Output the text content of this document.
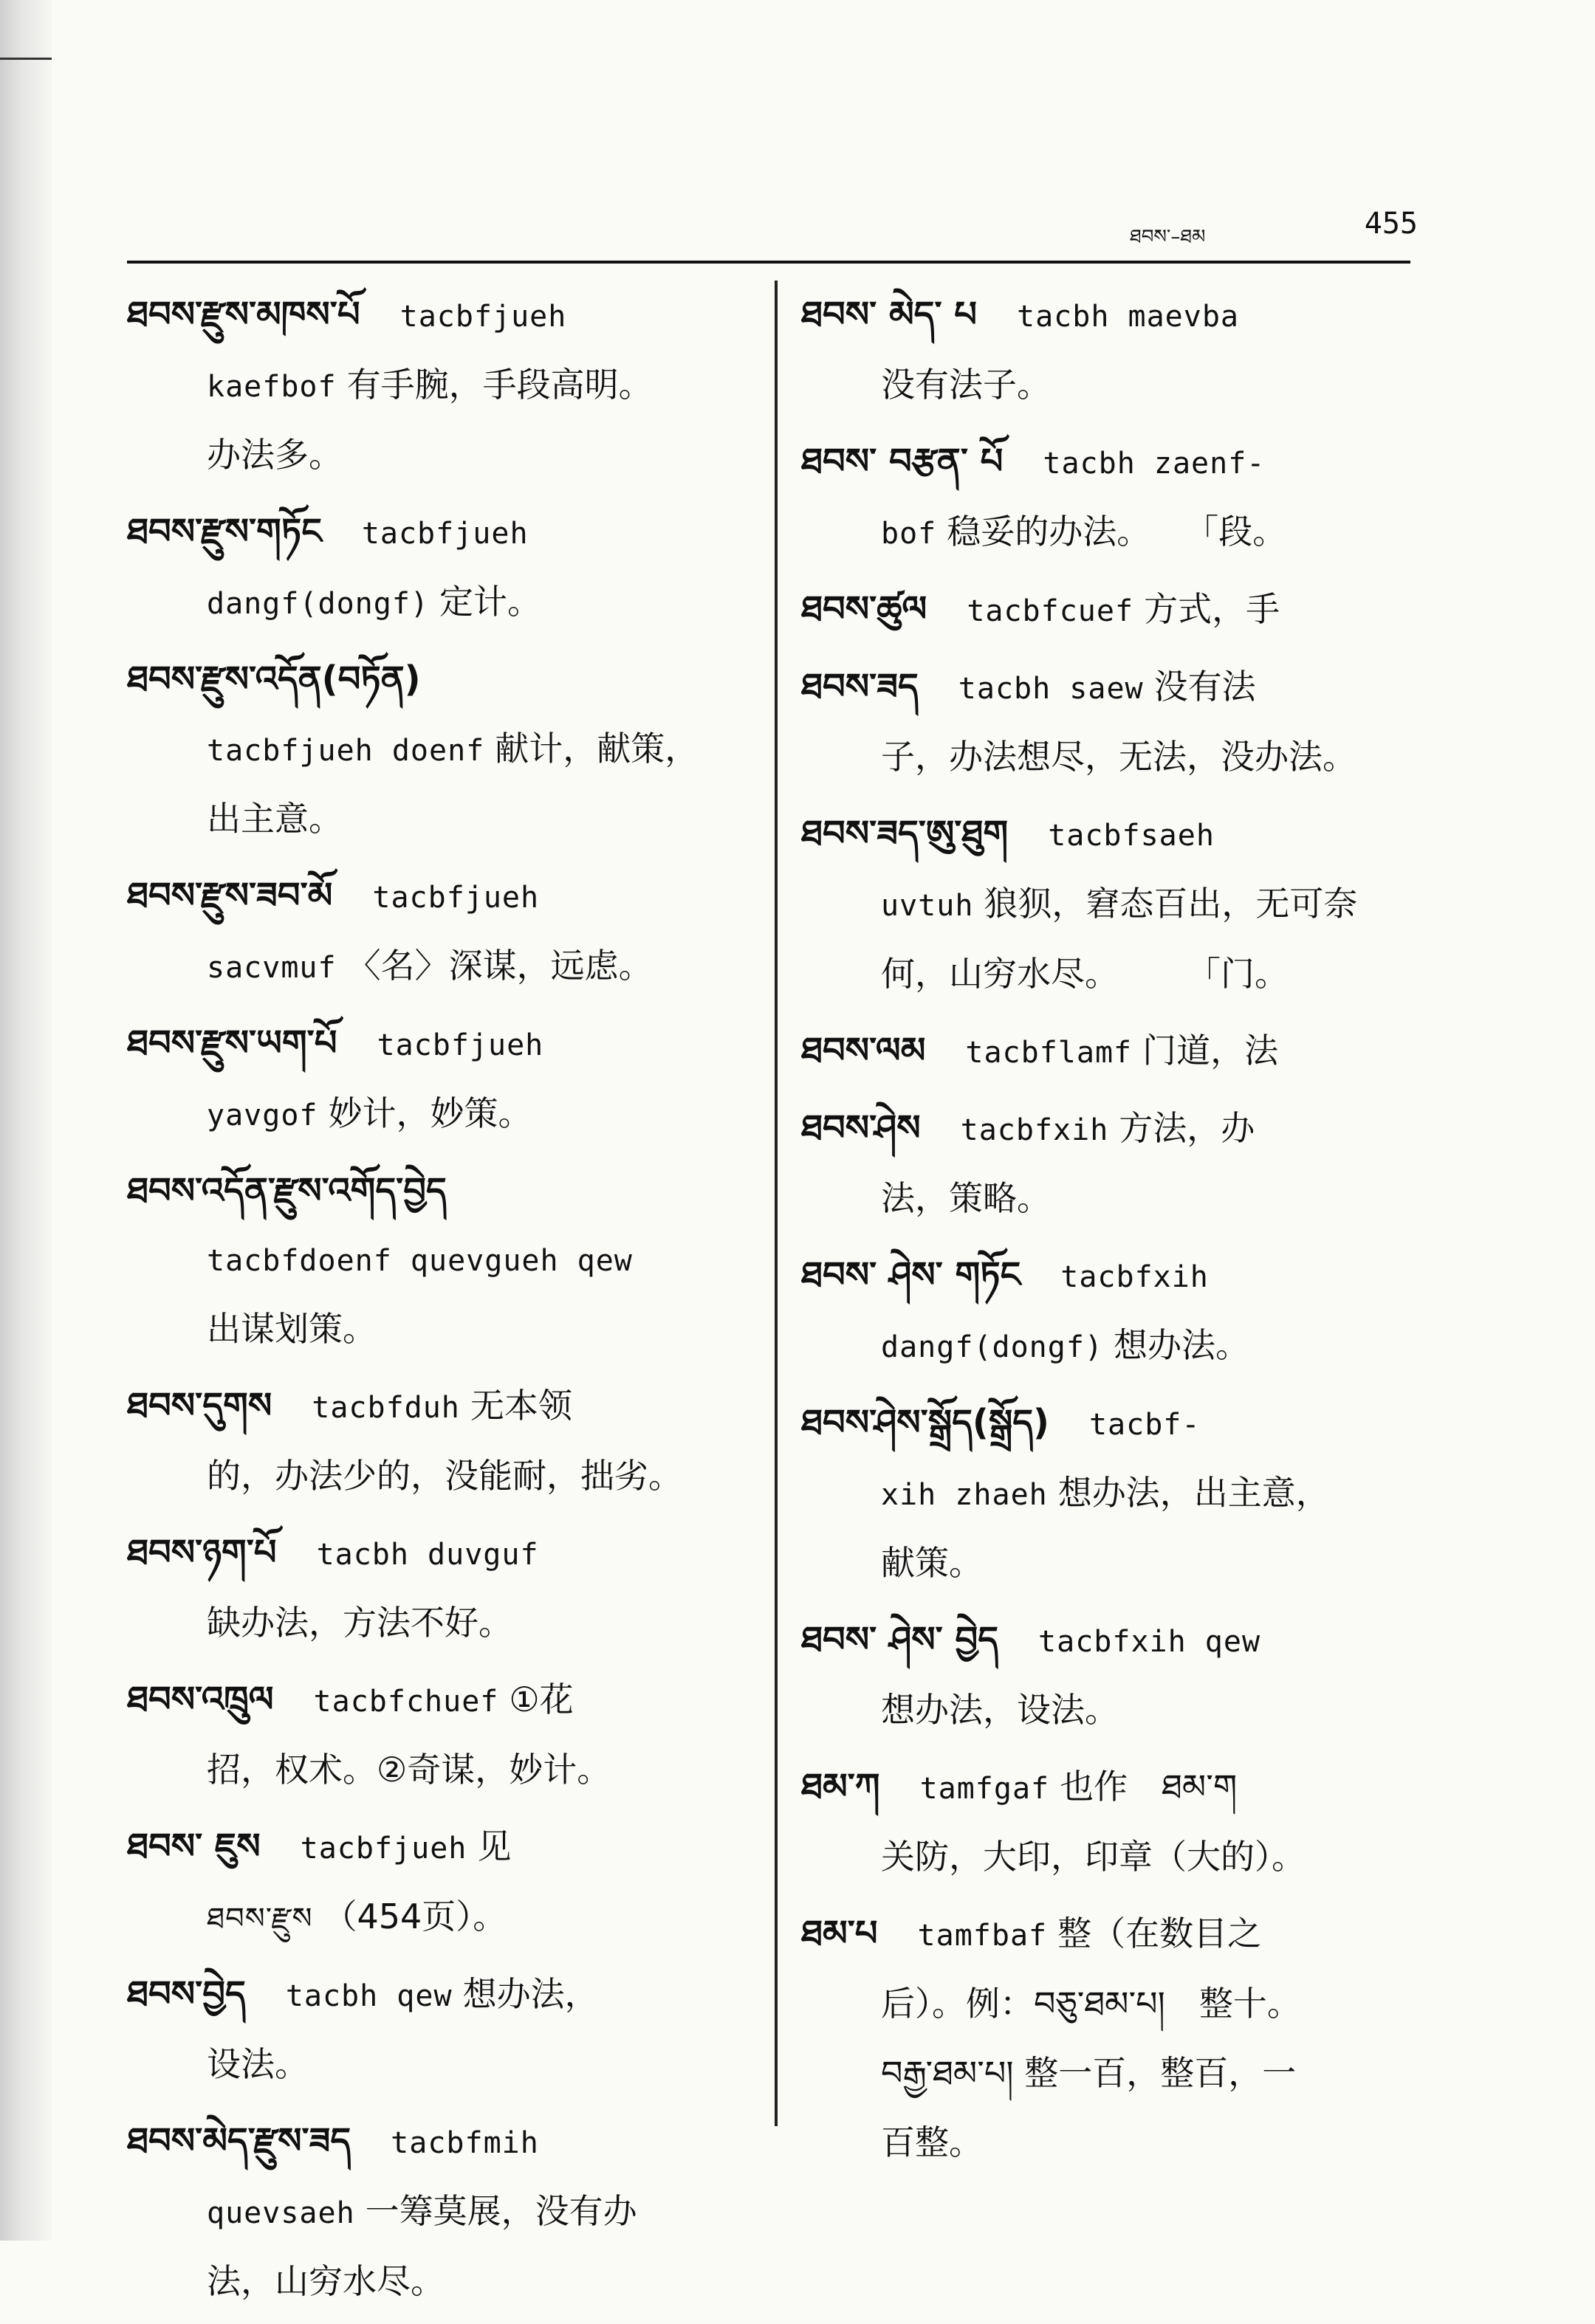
ཐབས་–ཐམ	455
ཐབས་རྫུས་མཁས་པོ tacbfjueh
kaefbof 有手腕，手段高明。
办法多。
ཐབས་རྫུས་གཏོང tacbfjueh
dangf(dongf) 定计。
ཐབས་རྫུས་འདོན(བཏོན)
tacbfjueh doenf 献计，献策，
出主意。
ཐབས་རྫུས་ཟབ་མོ tacbfjueh
sacvmuf 〈名〉深谋，远虑。
ཐབས་རྫུས་ཡག་པོ tacbfjueh
yavgof 妙计，妙策。
ཐབས་འདོན་རྫུས་འགོད་བྱེད
tacbfdoenf quevgueh qew
出谋划策。
ཐབས་དུགས tacbfduh 无本领
的，办法少的，没能耐，拙劣。
ཐབས་ཉག་པོ tacbh duvguf
缺办法，方法不好。
ཐབས་འཁྲུལ tacbfchuef ①花
招，权术。②奇谋，妙计。
ཐབས་ ཇུས tacbfjueh 见
ཐབས་རྫུས （454页）。
ཐབས་བྱེད tacbh qew 想办法，
设法。
ཐབས་མེད་རྫུས་ཟད tacbfmih
quevsaeh 一筹莫展，没有办
法，山穷水尽。
ཐབས་ མེད་ པ tacbh maevba
没有法子。
ཐབས་ བརྩན་ པོ tacbh zaenf-
bof 稳妥的办法。　　「段。
ཐབས་ཚུལ tacbfcuef 方式，手
ཐབས་ཟད tacbh saew 没有法
子，办法想尽，无法，没办法。
ཐབས་ཟད་ཨུ་ཐུག tacbfsaeh
uvtuh 狼狈，窘态百出，无可奈
何，山穷水尽。　　　「门。
ཐབས་ལམ tacbflamf 门道，法
ཐབས་ཤེས tacbfxih 方法，办
法，策略。
ཐབས་ ཤེས་ གཏོང tacbfxih
dangf(dongf) 想办法。
ཐབས་ཤེས་སྒྲོད(སྒྲོད) tacbf-
xih zhaeh 想办法，出主意，
献策。
ཐབས་ ཤེས་ བྱེད tacbfxih qew
想办法，设法。
ཐམ་ཀ tamfgaf 也作　ཐམ་ག
关防，大印，印章（大的）。
ཐམ་པ tamfbaf 整（在数目之
后）。例：བཅུ་ཐམ་པ།　整十。
བརྒྱ་ཐམ་པ། 整一百，整百，一
百整。
